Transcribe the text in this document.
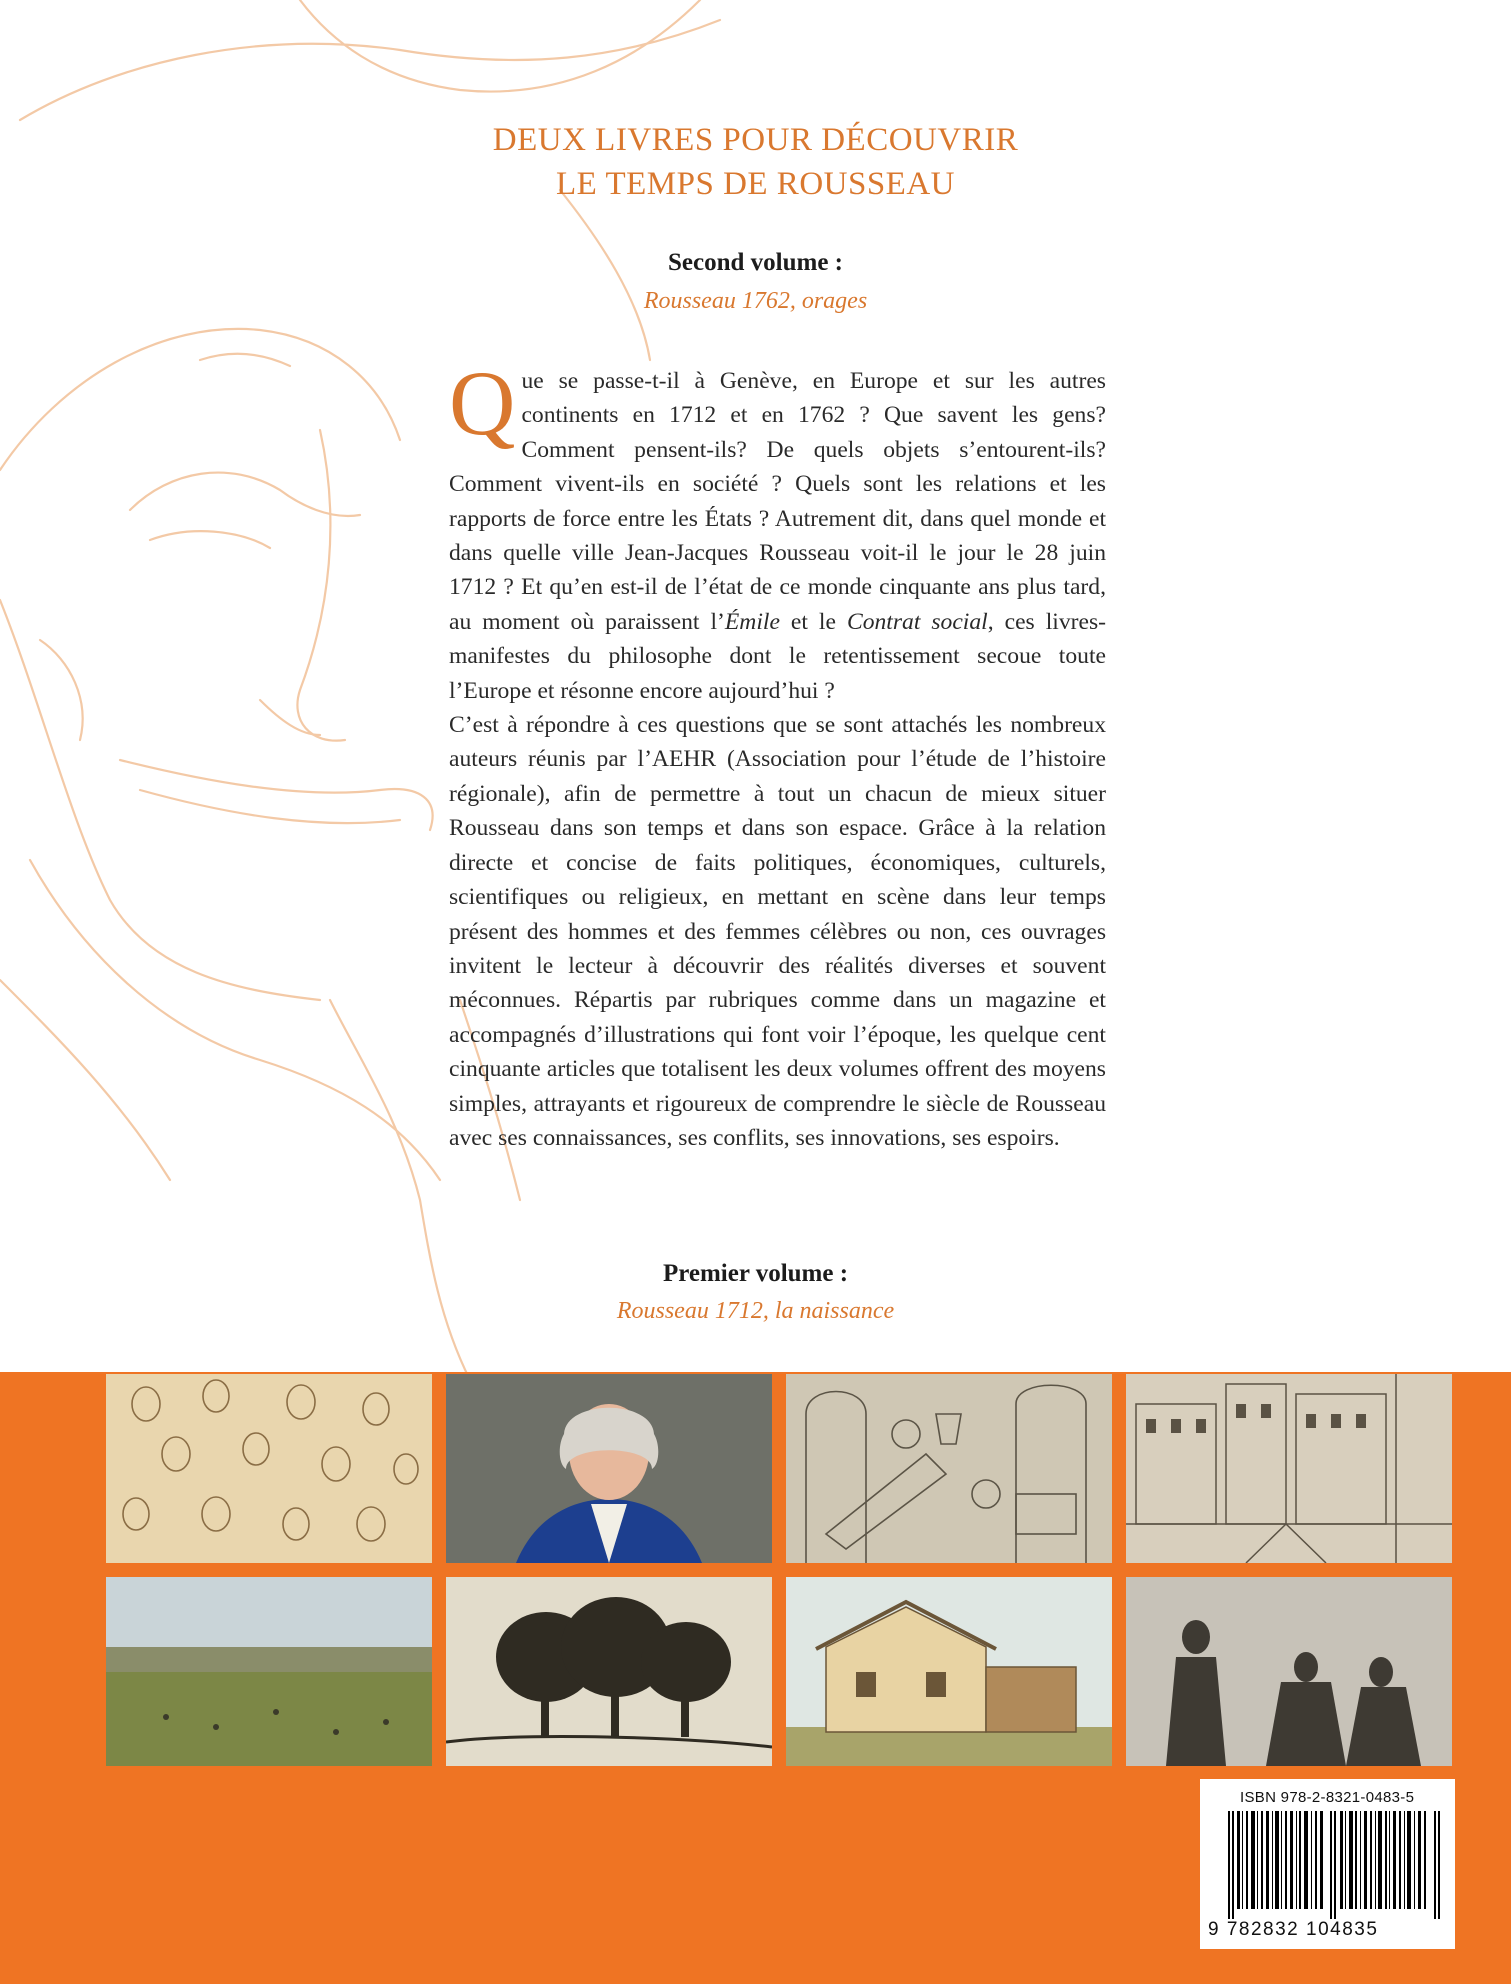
DEUX LIVRES POUR DÉCOUVRIR
LE TEMPS DE ROUSSEAU
Second volume :
Rousseau 1762, orages

Que se passe-t-il à Genève, en Europe et sur les autres continents en 1712 et en 1762 ? Que savent les gens? Comment pensent-ils? De quels objets s’entourent-ils? Comment vivent-ils en société ? Quels sont les relations et les rapports de force entre les États ? Autrement dit, dans quel monde et dans quelle ville Jean-Jacques Rousseau voit-il le jour le 28 juin 1712 ? Et qu’en est-il de l’état de ce monde cinquante ans plus tard, au moment où paraissent l’Émile et le Contrat social, ces livres-manifestes du philosophe dont le retentissement secoue toute l’Europe et résonne encore aujourd’hui ?

C’est à répondre à ces questions que se sont attachés les nombreux auteurs réunis par l’AEHR (Association pour l’étude de l’histoire régionale), afin de permettre à tout un chacun de mieux situer Rousseau dans son temps et dans son espace. Grâce à la relation directe et concise de faits politiques, économiques, culturels, scientifiques ou religieux, en mettant en scène dans leur temps présent des hommes et des femmes célèbres ou non, ces ouvrages invitent le lecteur à découvrir des réalités diverses et souvent méconnues. Répartis par rubriques comme dans un magazine et accompagnés d’illustrations qui font voir l’époque, les quelque cent cinquante articles que totalisent les deux volumes offrent des moyens simples, attrayants et rigoureux de comprendre le siècle de Rousseau avec ses connaissances, ses conflits, ses innovations, ses espoirs.

Premier volume :
Rousseau 1712, la naissance
ISBN 978-2-8321-0483-5
9 782832 104835
